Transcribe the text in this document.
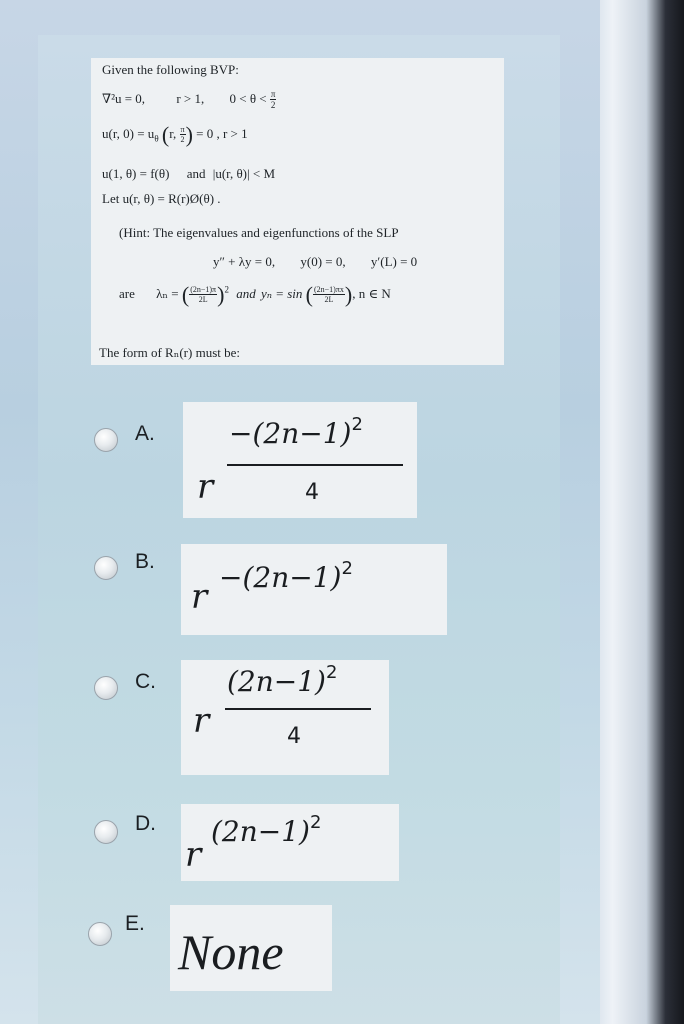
Given the following BVP:
∇²u = 0, r > 1, $0 < \theta < \frac{\pi}{2}$
u(r, $0) = u_\theta$ (r, $\frac{\pi}{2}$ ) = 0 , r > 1
u(1, θ) = f(θ) and |u(r, θ)| < M
Let u(r, θ) = R(r)Ø(θ) .
(Hint: The eigenvalues and eigenfunctions of the SLP
y″ + λy = 0, y(0) = 0, y′(L) = 0
are λₙ = ( $\frac{(2n-1)\pi}{2L} )^2$ and yₙ = sin ( $\frac{(2n-1)\pi x}{2L}$ ), n ∈ N
The form of Rₙ(r) must be:
A.
r
$-(2n-1)^2$
4
B.
$r -(2n-1)^2$
C.
r
$(2n-1)^2$
4
D.
r
$(2n-1)^2$
E.
None
